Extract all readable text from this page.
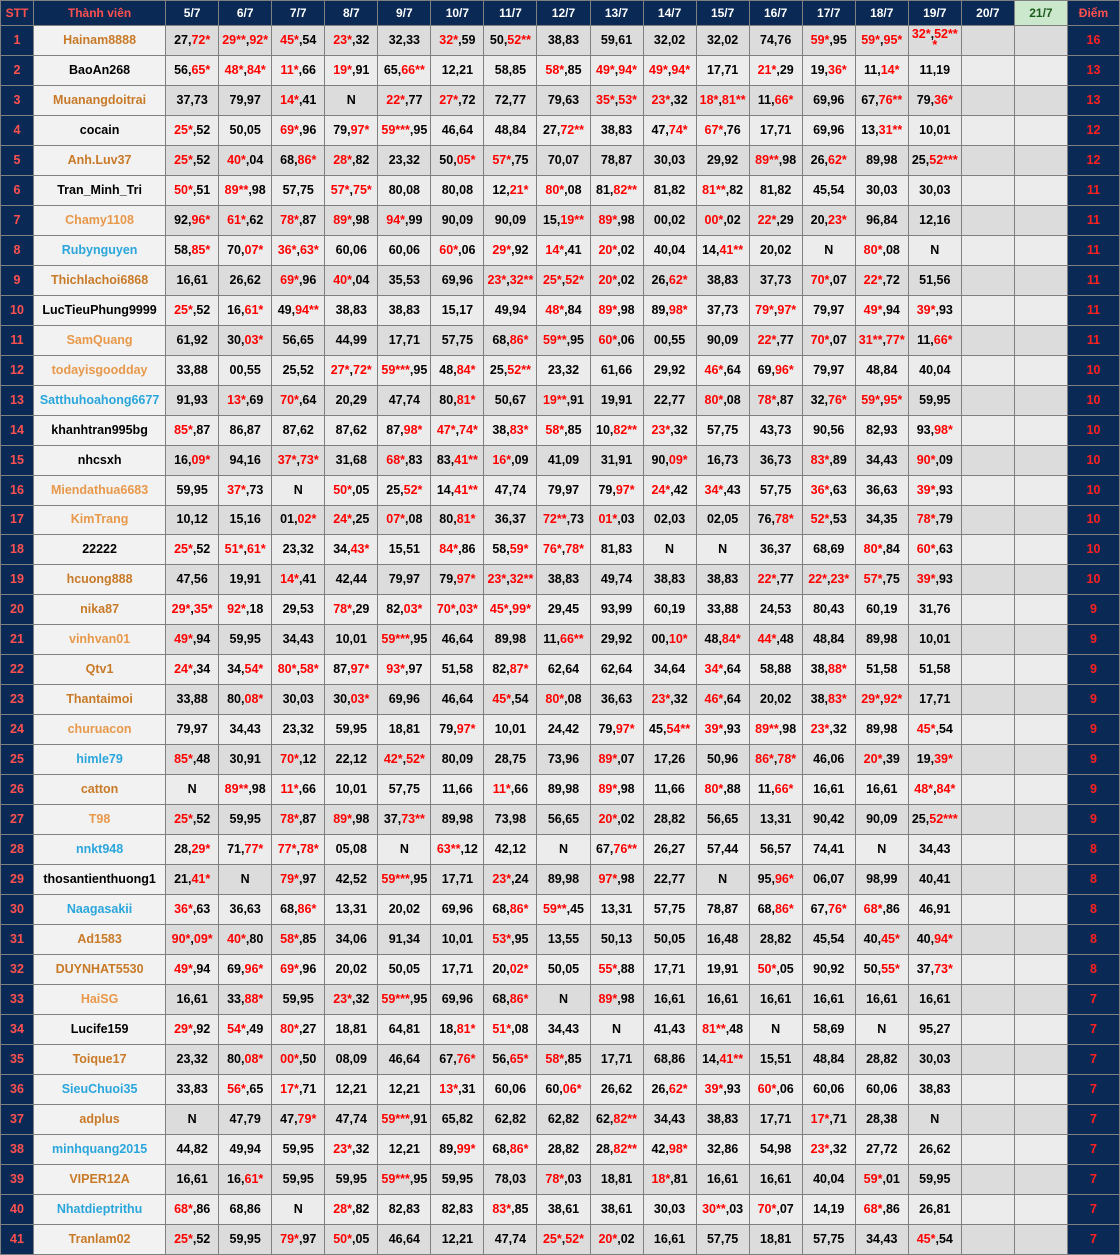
STT	Thành viên	5/7	6/7	7/7	8/7	9/7	10/7	11/7	12/7	13/7	14/7	15/7	16/7	17/7	18/7	19/7	20/7	21/7	Điểm
1	Hainam8888	27,72*	29**,92*	45*,54	23*,32	32,33	32*,59	50,52**	38,83	59,61	32,02	32,02	74,76	59*,95	59*,95*	32*,52** *			16
2	BaoAn268	56,65*	48*,84*	11*,66	19*,91	65,66**	12,21	58,85	58*,85	49*,94*	49*,94*	17,71	21*,29	19,36*	11,14*	11,19			13
3	Muanangdoitrai	37,73	79,97	14*,41	N	22*,77	27*,72	72,77	79,63	35*,53*	23*,32	18*,81**	11,66*	69,96	67,76**	79,36*			13
4	cocain	25*,52	50,05	69*,96	79,97*	59***,95	46,64	48,84	27,72**	38,83	47,74*	67*,76	17,71	69,96	13,31**	10,01			12
5	Anh.Luv37	25*,52	40*,04	68,86*	28*,82	23,32	50,05*	57*,75	70,07	78,87	30,03	29,92	89**,98	26,62*	89,98	25,52***			12
6	Tran_Minh_Tri	50*,51	89**,98	57,75	57*,75*	80,08	80,08	12,21*	80*,08	81,82**	81,82	81**,82	81,82	45,54	30,03	30,03			11
7	Chamy1108	92,96*	61*,62	78*,87	89*,98	94*,99	90,09	90,09	15,19**	89*,98	00,02	00*,02	22*,29	20,23*	96,84	12,16			11
8	Rubynguyen	58,85*	70,07*	36*,63*	60,06	60,06	60*,06	29*,92	14*,41	20*,02	40,04	14,41**	20,02	N	80*,08	N			11
9	Thichlachoi6868	16,61	26,62	69*,96	40*,04	35,53	69,96	23*,32**	25*,52*	20*,02	26,62*	38,83	37,73	70*,07	22*,72	51,56			11
10	LucTieuPhung9999	25*,52	16,61*	49,94**	38,83	38,83	15,17	49,94	48*,84	89*,98	89,98*	37,73	79*,97*	79,97	49*,94	39*,93			11
11	SamQuang	61,92	30,03*	56,65	44,99	17,71	57,75	68,86*	59**,95	60*,06	00,55	90,09	22*,77	70*,07	31**,77*	11,66*			11
12	todayisgoodday	33,88	00,55	25,52	27*,72*	59***,95	48,84*	25,52**	23,32	61,66	29,92	46*,64	69,96*	79,97	48,84	40,04			10
13	Satthuhoahong6677	91,93	13*,69	70*,64	20,29	47,74	80,81*	50,67	19**,91	19,91	22,77	80*,08	78*,87	32,76*	59*,95*	59,95			10
14	khanhtran995bg	85*,87	86,87	87,62	87,62	87,98*	47*,74*	38,83*	58*,85	10,82**	23*,32	57,75	43,73	90,56	82,93	93,98*			10
15	nhcsxh	16,09*	94,16	37*,73*	31,68	68*,83	83,41**	16*,09	41,09	31,91	90,09*	16,73	36,73	83*,89	34,43	90*,09			10
16	Miendathua6683	59,95	37*,73	N	50*,05	25,52*	14,41**	47,74	79,97	79,97*	24*,42	34*,43	57,75	36*,63	36,63	39*,93			10
17	KimTrang	10,12	15,16	01,02*	24*,25	07*,08	80,81*	36,37	72**,73	01*,03	02,03	02,05	76,78*	52*,53	34,35	78*,79			10
18	22222	25*,52	51*,61*	23,32	34,43*	15,51	84*,86	58,59*	76*,78*	81,83	N	N	36,37	68,69	80*,84	60*,63			10
19	hcuong888	47,56	19,91	14*,41	42,44	79,97	79,97*	23*,32**	38,83	49,74	38,83	38,83	22*,77	22*,23*	57*,75	39*,93			10
20	nika87	29*,35*	92*,18	29,53	78*,29	82,03*	70*,03*	45*,99*	29,45	93,99	60,19	33,88	24,53	80,43	60,19	31,76			9
21	vinhvan01	49*,94	59,95	34,43	10,01	59***,95	46,64	89,98	11,66**	29,92	00,10*	48,84*	44*,48	48,84	89,98	10,01			9
22	Qtv1	24*,34	34,54*	80*,58*	87,97*	93*,97	51,58	82,87*	62,64	62,64	34,64	34*,64	58,88	38,88*	51,58	51,58			9
23	Thantaimoi	33,88	80,08*	30,03	30,03*	69,96	46,64	45*,54	80*,08	36,63	23*,32	46*,64	20,02	38,83*	29*,92*	17,71			9
24	churuacon	79,97	34,43	23,32	59,95	18,81	79,97*	10,01	24,42	79,97*	45,54**	39*,93	89**,98	23*,32	89,98	45*,54			9
25	himle79	85*,48	30,91	70*,12	22,12	42*,52*	80,09	28,75	73,96	89*,07	17,26	50,96	86*,78*	46,06	20*,39	19,39*			9
26	catton	N	89**,98	11*,66	10,01	57,75	11,66	11*,66	89,98	89*,98	11,66	80*,88	11,66*	16,61	16,61	48*,84*			9
27	T98	25*,52	59,95	78*,87	89*,98	37,73**	89,98	73,98	56,65	20*,02	28,82	56,65	13,31	90,42	90,09	25,52***			9
28	nnkt948	28,29*	71,77*	77*,78*	05,08	N	63**,12	42,12	N	67,76**	26,27	57,44	56,57	74,41	N	34,43			8
29	thosantienthuong1	21,41*	N	79*,97	42,52	59***,95	17,71	23*,24	89,98	97*,98	22,77	N	95,96*	06,07	98,99	40,41			8
30	Naagasakii	36*,63	36,63	68,86*	13,31	20,02	69,96	68,86*	59**,45	13,31	57,75	78,87	68,86*	67,76*	68*,86	46,91			8
31	Ad1583	90*,09*	40*,80	58*,85	34,06	91,34	10,01	53*,95	13,55	50,13	50,05	16,48	28,82	45,54	40,45*	40,94*			8
32	DUYNHAT5530	49*,94	69,96*	69*,96	20,02	50,05	17,71	20,02*	50,05	55*,88	17,71	19,91	50*,05	90,92	50,55*	37,73*			8
33	HaiSG	16,61	33,88*	59,95	23*,32	59***,95	69,96	68,86*	N	89*,98	16,61	16,61	16,61	16,61	16,61	16,61			7
34	Lucife159	29*,92	54*,49	80*,27	18,81	64,81	18,81*	51*,08	34,43	N	41,43	81**,48	N	58,69	N	95,27			7
35	Toique17	23,32	80,08*	00*,50	08,09	46,64	67,76*	56,65*	58*,85	17,71	68,86	14,41**	15,51	48,84	28,82	30,03			7
36	SieuChuoi35	33,83	56*,65	17*,71	12,21	12,21	13*,31	60,06	60,06*	26,62	26,62*	39*,93	60*,06	60,06	60,06	38,83			7
37	adplus	N	47,79	47,79*	47,74	59***,91	65,82	62,82	62,82	62,82**	34,43	38,83	17,71	17*,71	28,38	N			7
38	minhquang2015	44,82	49,94	59,95	23*,32	12,21	89,99*	68,86*	28,82	28,82**	42,98*	32,86	54,98	23*,32	27,72	26,62			7
39	VIPER12A	16,61	16,61*	59,95	59,95	59***,95	59,95	78,03	78*,03	18,81	18*,81	16,61	16,61	40,04	59*,01	59,95			7
40	Nhatdieptrithu	68*,86	68,86	N	28*,82	82,83	82,83	83*,85	38,61	38,61	30,03	30**,03	70*,07	14,19	68*,86	26,81			7
41	Tranlam02	25*,52	59,95	79*,97	50*,05	46,64	12,21	47,74	25*,52*	20*,02	16,61	57,75	18,81	57,75	34,43	45*,54			7
